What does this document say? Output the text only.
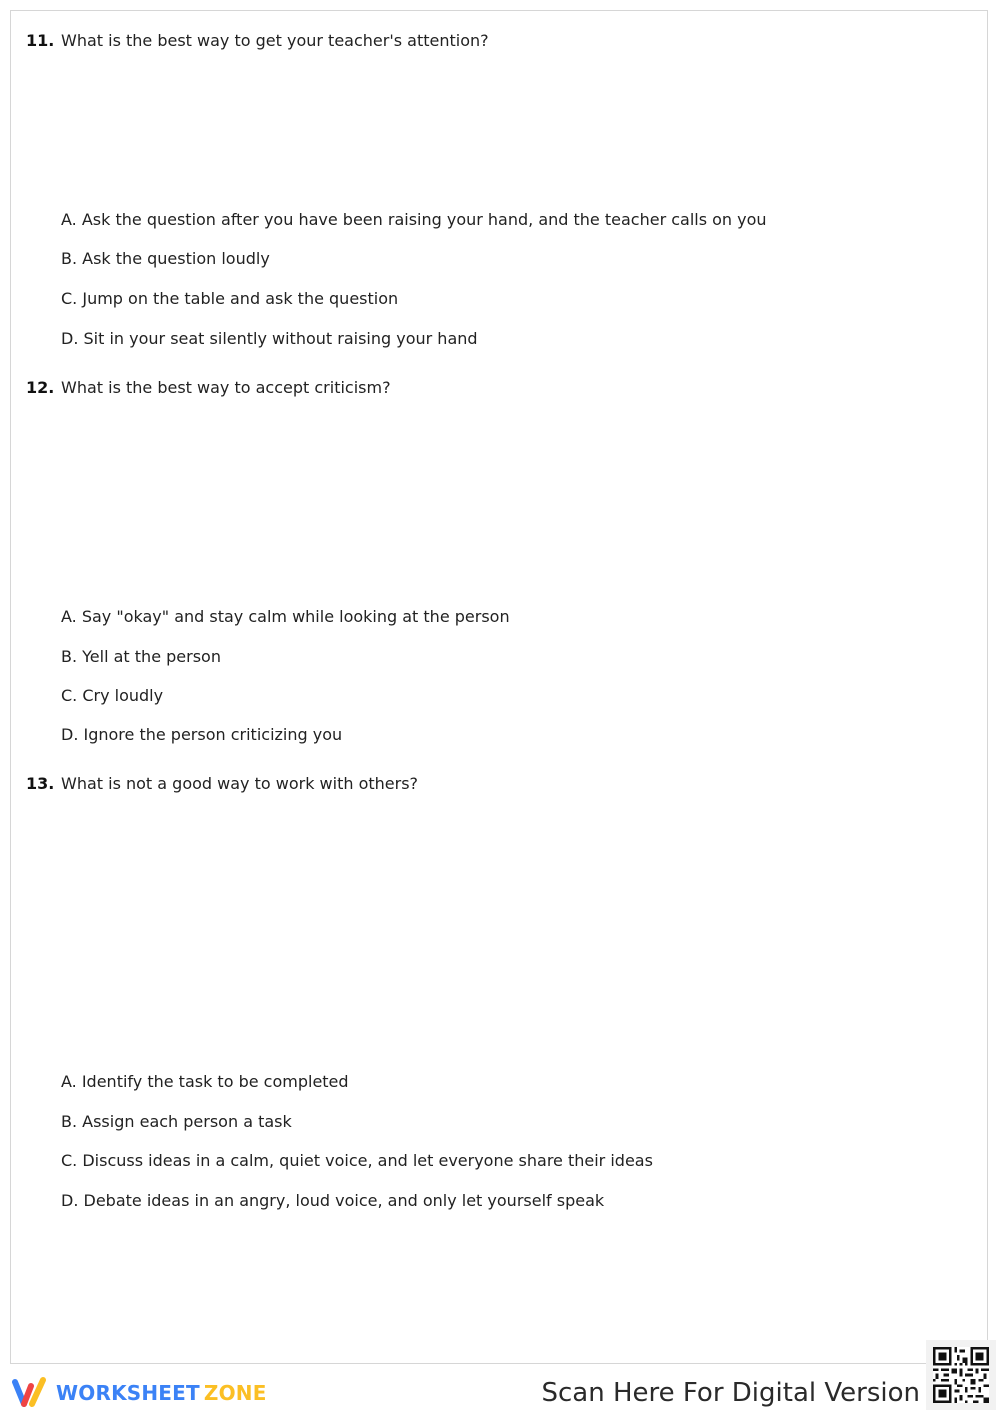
11. What is the best way to get your teacher's attention?
A. Ask the question after you have been raising your hand, and the teacher calls on you
B. Ask the question loudly
C. Jump on the table and ask the question
D. Sit in your seat silently without raising your hand
12. What is the best way to accept criticism?
A. Say "okay" and stay calm while looking at the person
B. Yell at the person
C. Cry loudly
D. Ignore the person criticizing you
13. What is not a good way to work with others?
A. Identify the task to be completed
B. Assign each person a task
C. Discuss ideas in a calm, quiet voice, and let everyone share their ideas
D. Debate ideas in an angry, loud voice, and only let yourself speak
WORKSHEET ZONE	Scan Here For Digital Version
